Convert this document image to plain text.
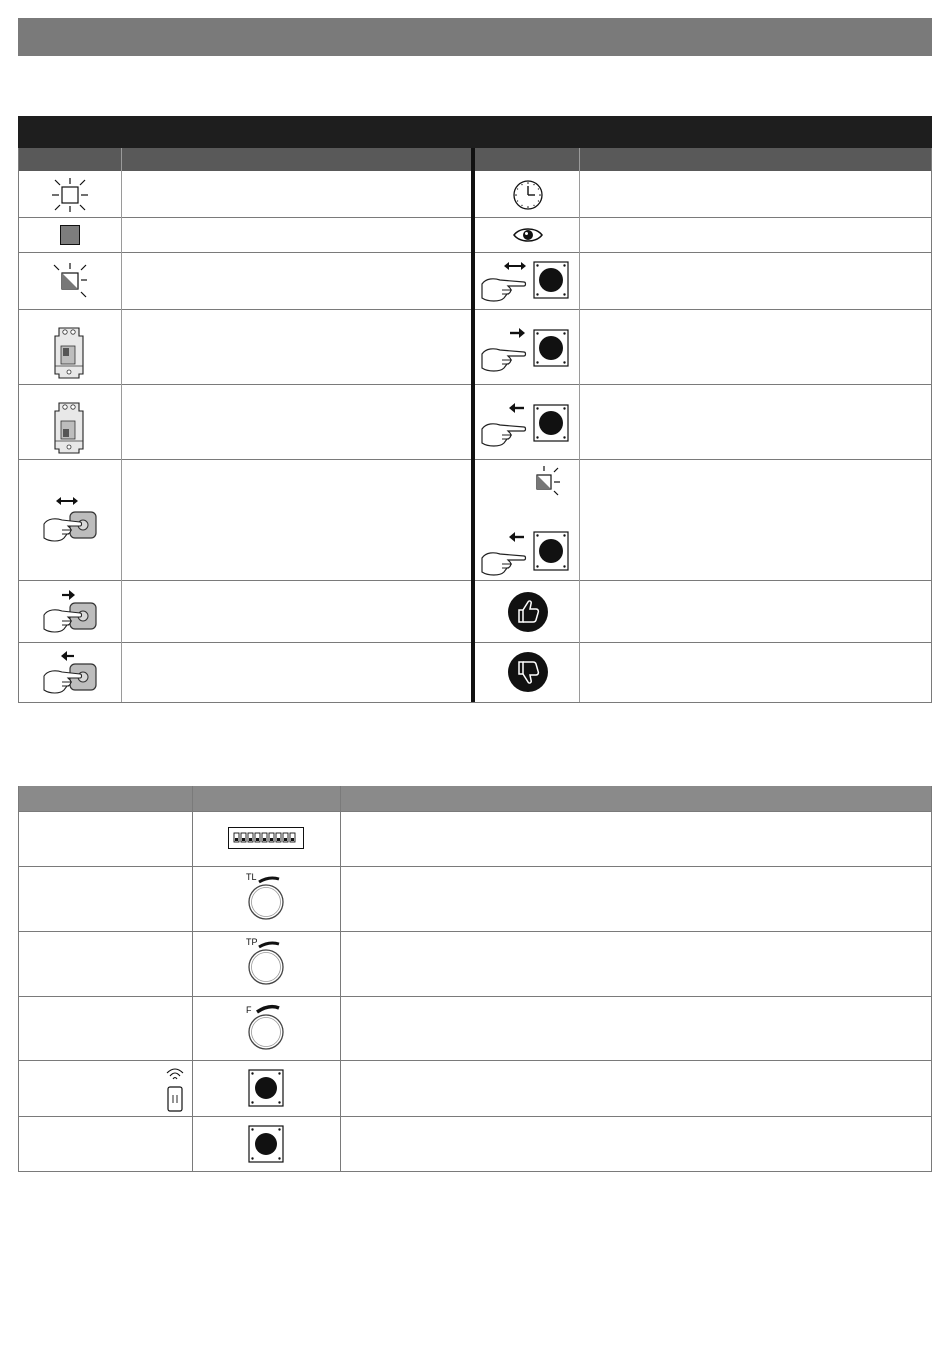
TL
TP
F
